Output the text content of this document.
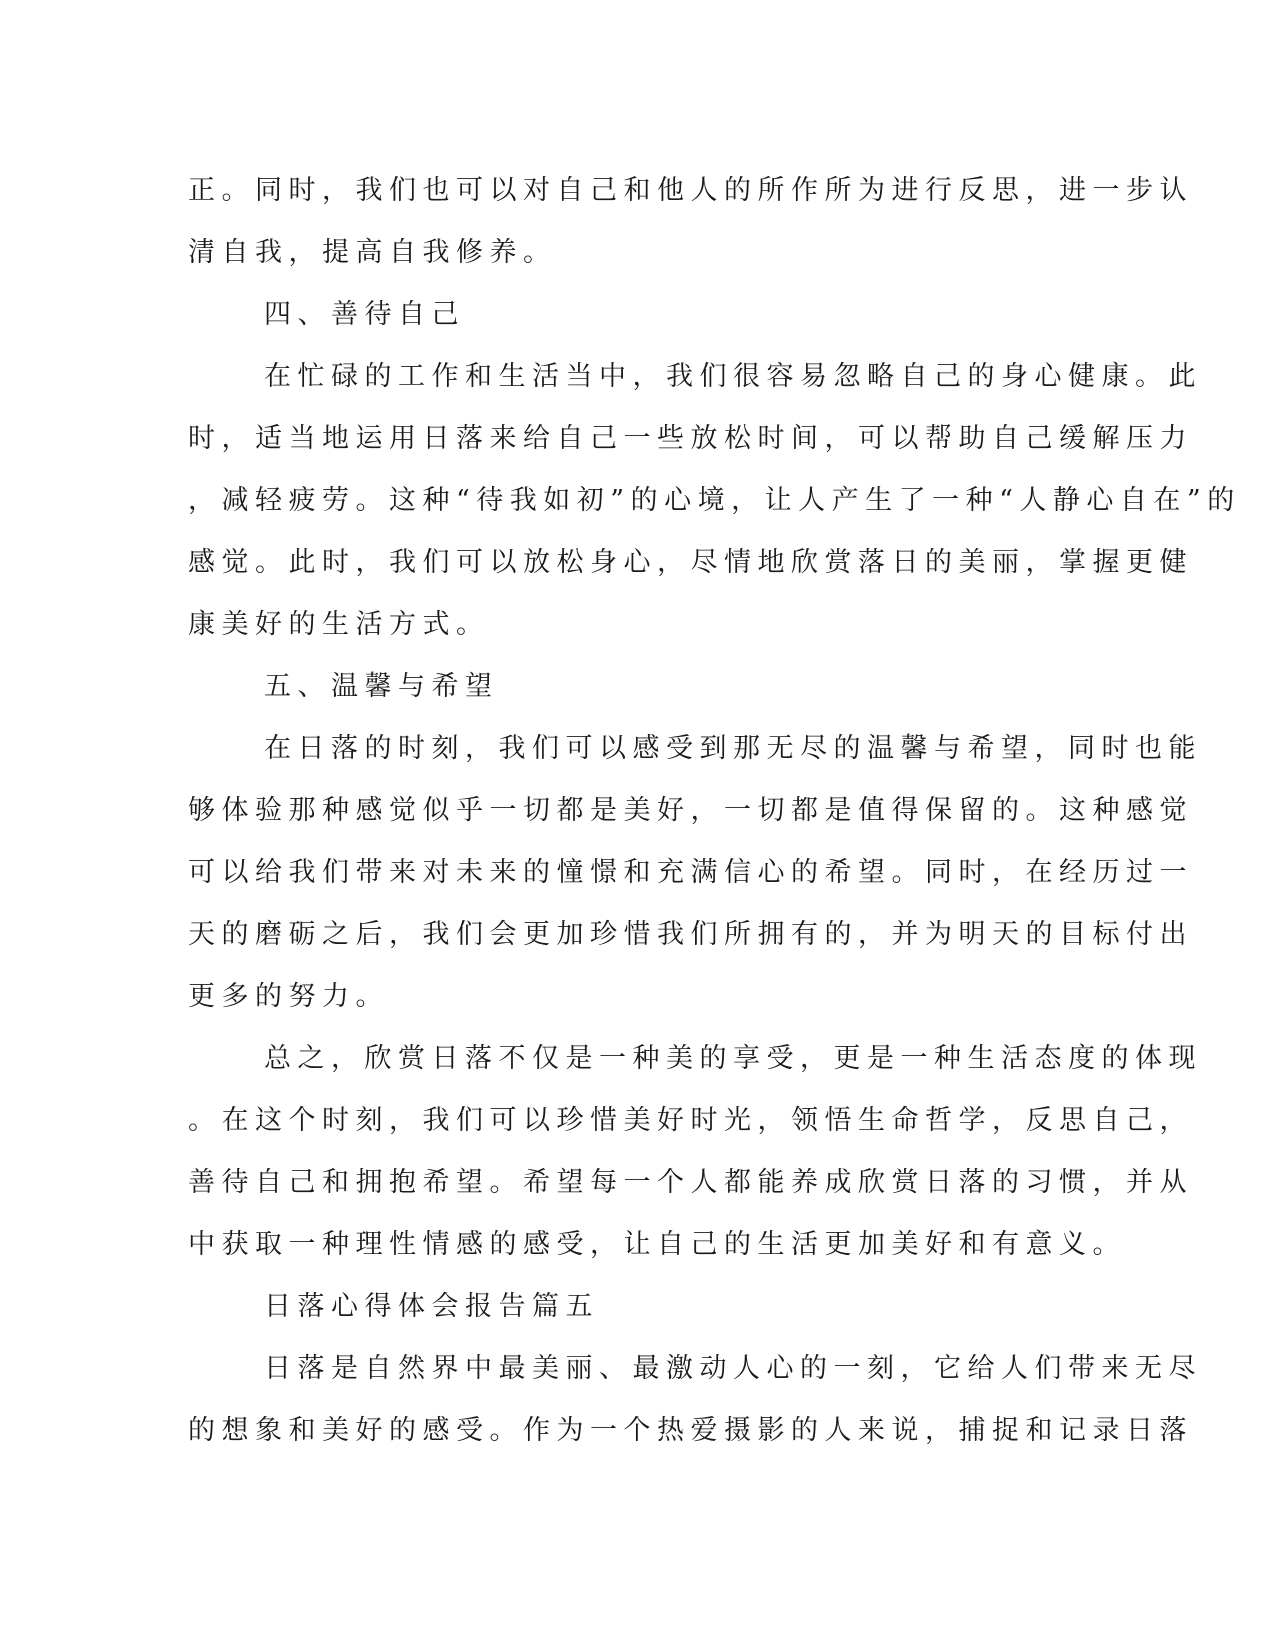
正。同时，我们也可以对自己和他人的所作所为进行反思，进一步认
清自我，提高自我修养。
四、善待自己
在忙碌的工作和生活当中，我们很容易忽略自己的身心健康。此
时，适当地运用日落来给自己一些放松时间，可以帮助自己缓解压力
，减轻疲劳。这种“待我如初”的心境，让人产生了一种“人静心自在”的
感觉。此时，我们可以放松身心，尽情地欣赏落日的美丽，掌握更健
康美好的生活方式。
五、温馨与希望
在日落的时刻，我们可以感受到那无尽的温馨与希望，同时也能
够体验那种感觉似乎一切都是美好，一切都是值得保留的。这种感觉
可以给我们带来对未来的憧憬和充满信心的希望。同时，在经历过一
天的磨砺之后，我们会更加珍惜我们所拥有的，并为明天的目标付出
更多的努力。
总之，欣赏日落不仅是一种美的享受，更是一种生活态度的体现
。在这个时刻，我们可以珍惜美好时光，领悟生命哲学，反思自己，
善待自己和拥抱希望。希望每一个人都能养成欣赏日落的习惯，并从
中获取一种理性情感的感受，让自己的生活更加美好和有意义。
日落心得体会报告篇五
日落是自然界中最美丽、最激动人心的一刻，它给人们带来无尽
的想象和美好的感受。作为一个热爱摄影的人来说，捕捉和记录日落
